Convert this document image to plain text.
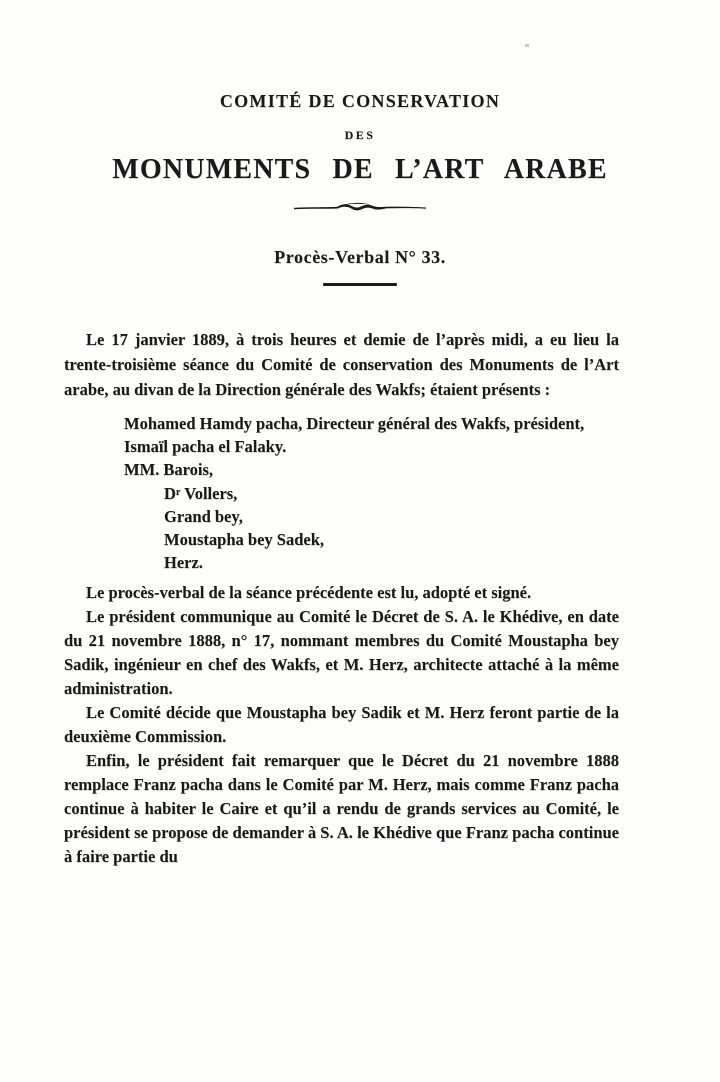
COMITÉ DE CONSERVATION
DES
MONUMENTS DE L’ART ARABE
Procès-Verbal N° 33.

Le 17 janvier 1889, à trois heures et demie de l’après midi, a eu lieu la trente-troisième séance du Comité de conservation des Monuments de l’Art arabe, au divan de la Direction générale des Wakfs; étaient présents :

Mohamed Hamdy pacha, Directeur général des Wakfs, président,
Ismaïl pacha el Falaky.
MM. Barois,
$D^r$ Vollers,
Grand bey,
Moustapha bey Sadek,
Herz.

Le procès-verbal de la séance précédente est lu, adopté et signé.

Le président communique au Comité le Décret de S. A. le Khédive, en date du 21 novembre 1888, n° 17, nommant membres du Comité Moustapha bey Sadik, ingénieur en chef des Wakfs, et M. Herz, architecte attaché à la même administration.

Le Comité décide que Moustapha bey Sadik et M. Herz feront partie de la deuxième Commission.

Enfin, le président fait remarquer que le Décret du 21 novembre 1888 remplace Franz pacha dans le Comité par M. Herz, mais comme Franz pacha continue à habiter le Caire et qu’il a rendu de grands services au Comité, le président se propose de demander à S. A. le Khédive que Franz pacha continue à faire partie du
